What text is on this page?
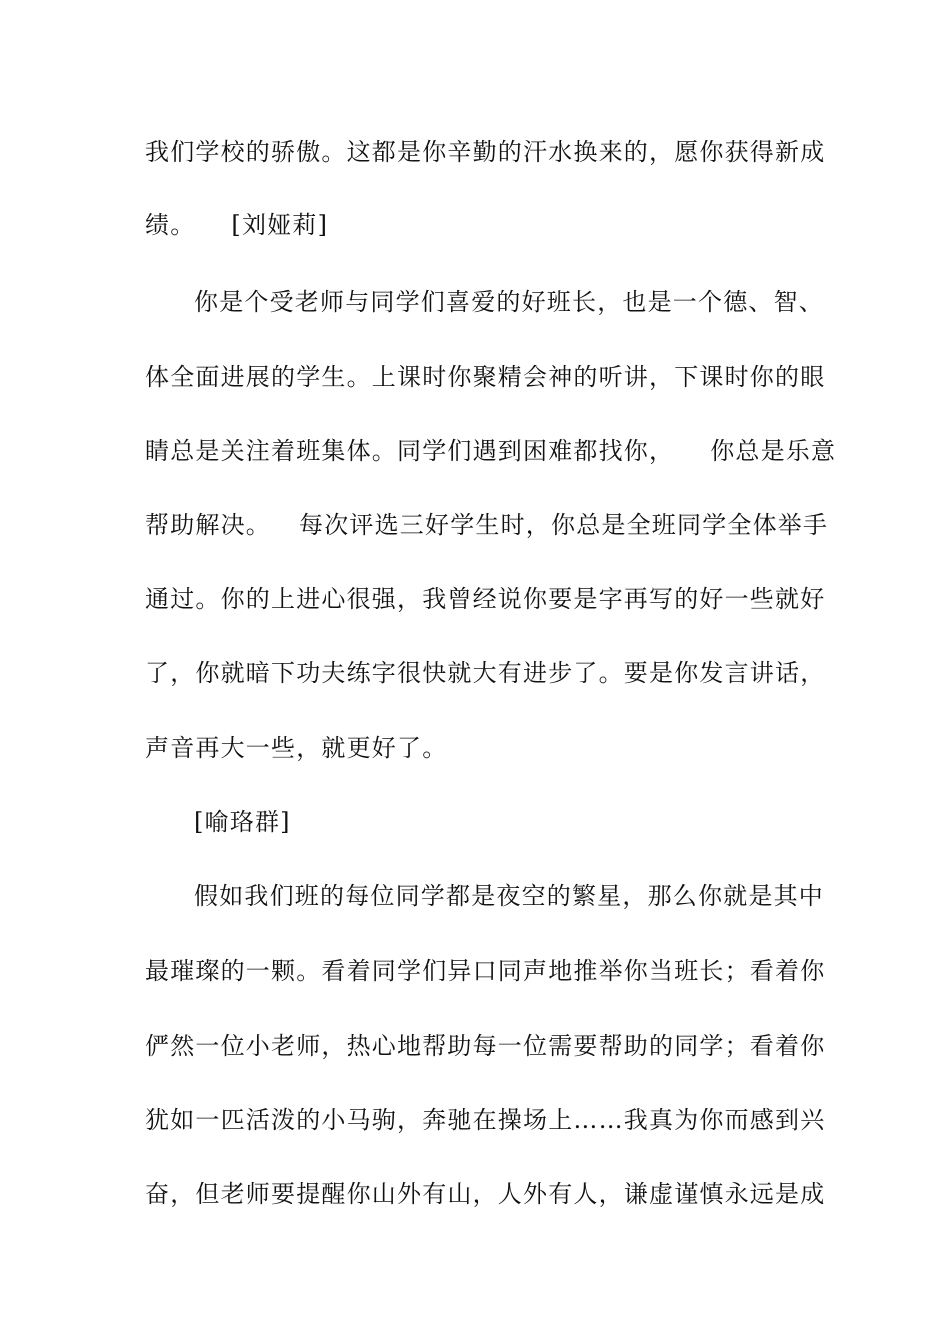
我们学校的骄傲。这都是你辛勤的汗水换来的，愿你获得新成
绩。 [刘娅莉]
你是个受老师与同学们喜爱的好班长，也是一个德、智、
体全面进展的学生。上课时你聚精会神的听讲，下课时你的眼
睛总是关注着班集体。同学们遇到困难都找你， 你总是乐意
帮助解决。 每次评选三好学生时，你总是全班同学全体举手
通过。你的上进心很强，我曾经说你要是字再写的好一些就好
了，你就暗下功夫练字很快就大有进步了。要是你发言讲话，
声音再大一些，就更好了。
[喻珞群]
假如我们班的每位同学都是夜空的繁星，那么你就是其中
最璀璨的一颗。看着同学们异口同声地推举你当班长；看着你
俨然一位小老师，热心地帮助每一位需要帮助的同学；看着你
犹如一匹活泼的小马驹，奔驰在操场上……我真为你而感到兴
奋，但老师要提醒你山外有山，人外有人，谦虚谨慎永远是成
